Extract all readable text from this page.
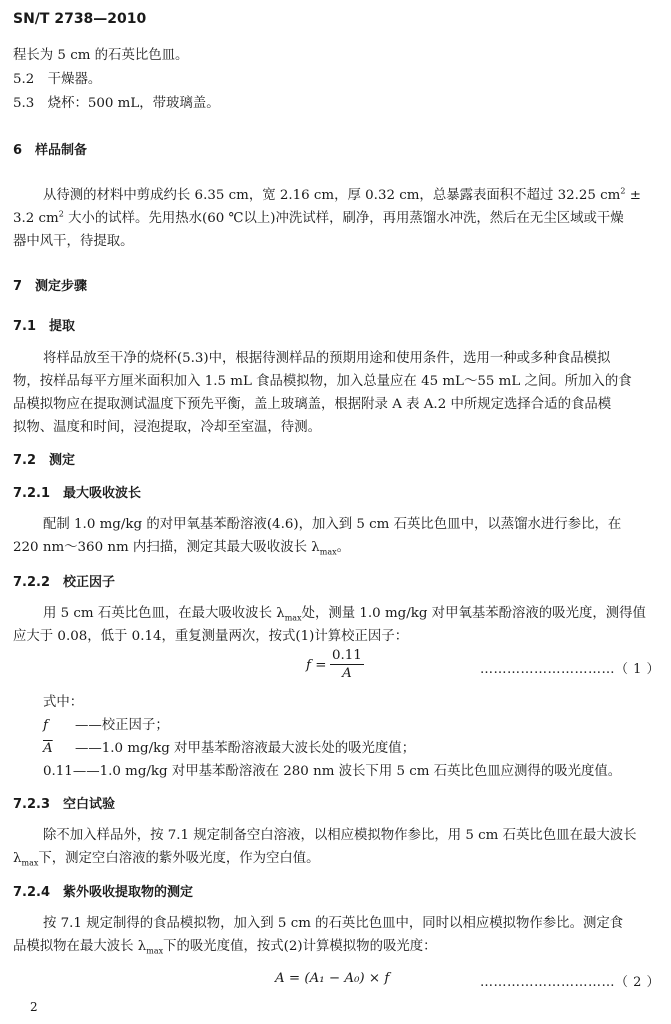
SN/T 2738—2010
程长为 5 cm 的石英比色皿。
5.2　干燥器。
5.3　烧杯：500 mL，带玻璃盖。
6　样品制备
从待测的材料中剪成约长 6.35 cm，宽 2.16 cm，厚 0.32 cm，总暴露表面积不超过 32.25 $cm^2$ ±
3.2 $cm^2$ 大小的试样。先用热水(60 ℃以上)冲洗试样，刷净，再用蒸馏水冲洗，然后在无尘区域或干燥
器中风干，待提取。
7　测定步骤
7.1　提取
将样品放至干净的烧杯(5.3)中，根据待测样品的预期用途和使用条件，选用一种或多种食品模拟
物，按样品每平方厘米面积加入 1.5 mL 食品模拟物，加入总量应在 45 mL～55 mL 之间。所加入的食
品模拟物应在提取测试温度下预先平衡，盖上玻璃盖，根据附录 A 表 A.2 中所规定选择合适的食品模
拟物、温度和时间，浸泡提取，冷却至室温，待测。
7.2　测定
7.2.1　最大吸收波长
配制 1.0 mg/kg 的对甲氧基苯酚溶液(4.6)，加入到 5 cm 石英比色皿中，以蒸馏水进行参比，在
220 nm～360 nm 内扫描，测定其最大吸收波长 $\lambda_{max}$。
7.2.2　校正因子
用 5 cm 石英比色皿，在最大吸收波长 $\lambda_{max}$处，测量 1.0 mg/kg 对甲氧基苯酚溶液的吸光度，测得值
应大于 0.08，低于 0.14，重复测量两次，按式(1)计算校正因子：
$f = \frac{0.11}{A}$	…………………………（ 1 ）
式中：
f ——校正因子；
$\overline{A}$ ——1.0 mg/kg 对甲基苯酚溶液最大波长处的吸光度值；
0.11——1.0 mg/kg 对甲基苯酚溶液在 280 nm 波长下用 5 cm 石英比色皿应测得的吸光度值。
7.2.3　空白试验
除不加入样品外，按 7.1 规定制备空白溶液，以相应模拟物作参比，用 5 cm 石英比色皿在最大波长
$\lambda_{max}$下，测定空白溶液的紫外吸光度，作为空白值。
7.2.4　紫外吸收提取物的测定
按 7.1 规定制得的食品模拟物，加入到 5 cm 的石英比色皿中，同时以相应模拟物作参比。测定食
品模拟物在最大波长 $\lambda_{max}$下的吸光度值，按式(2)计算模拟物的吸光度：
A = (A₁ − A₀) × f	…………………………（ 2 ）
2
